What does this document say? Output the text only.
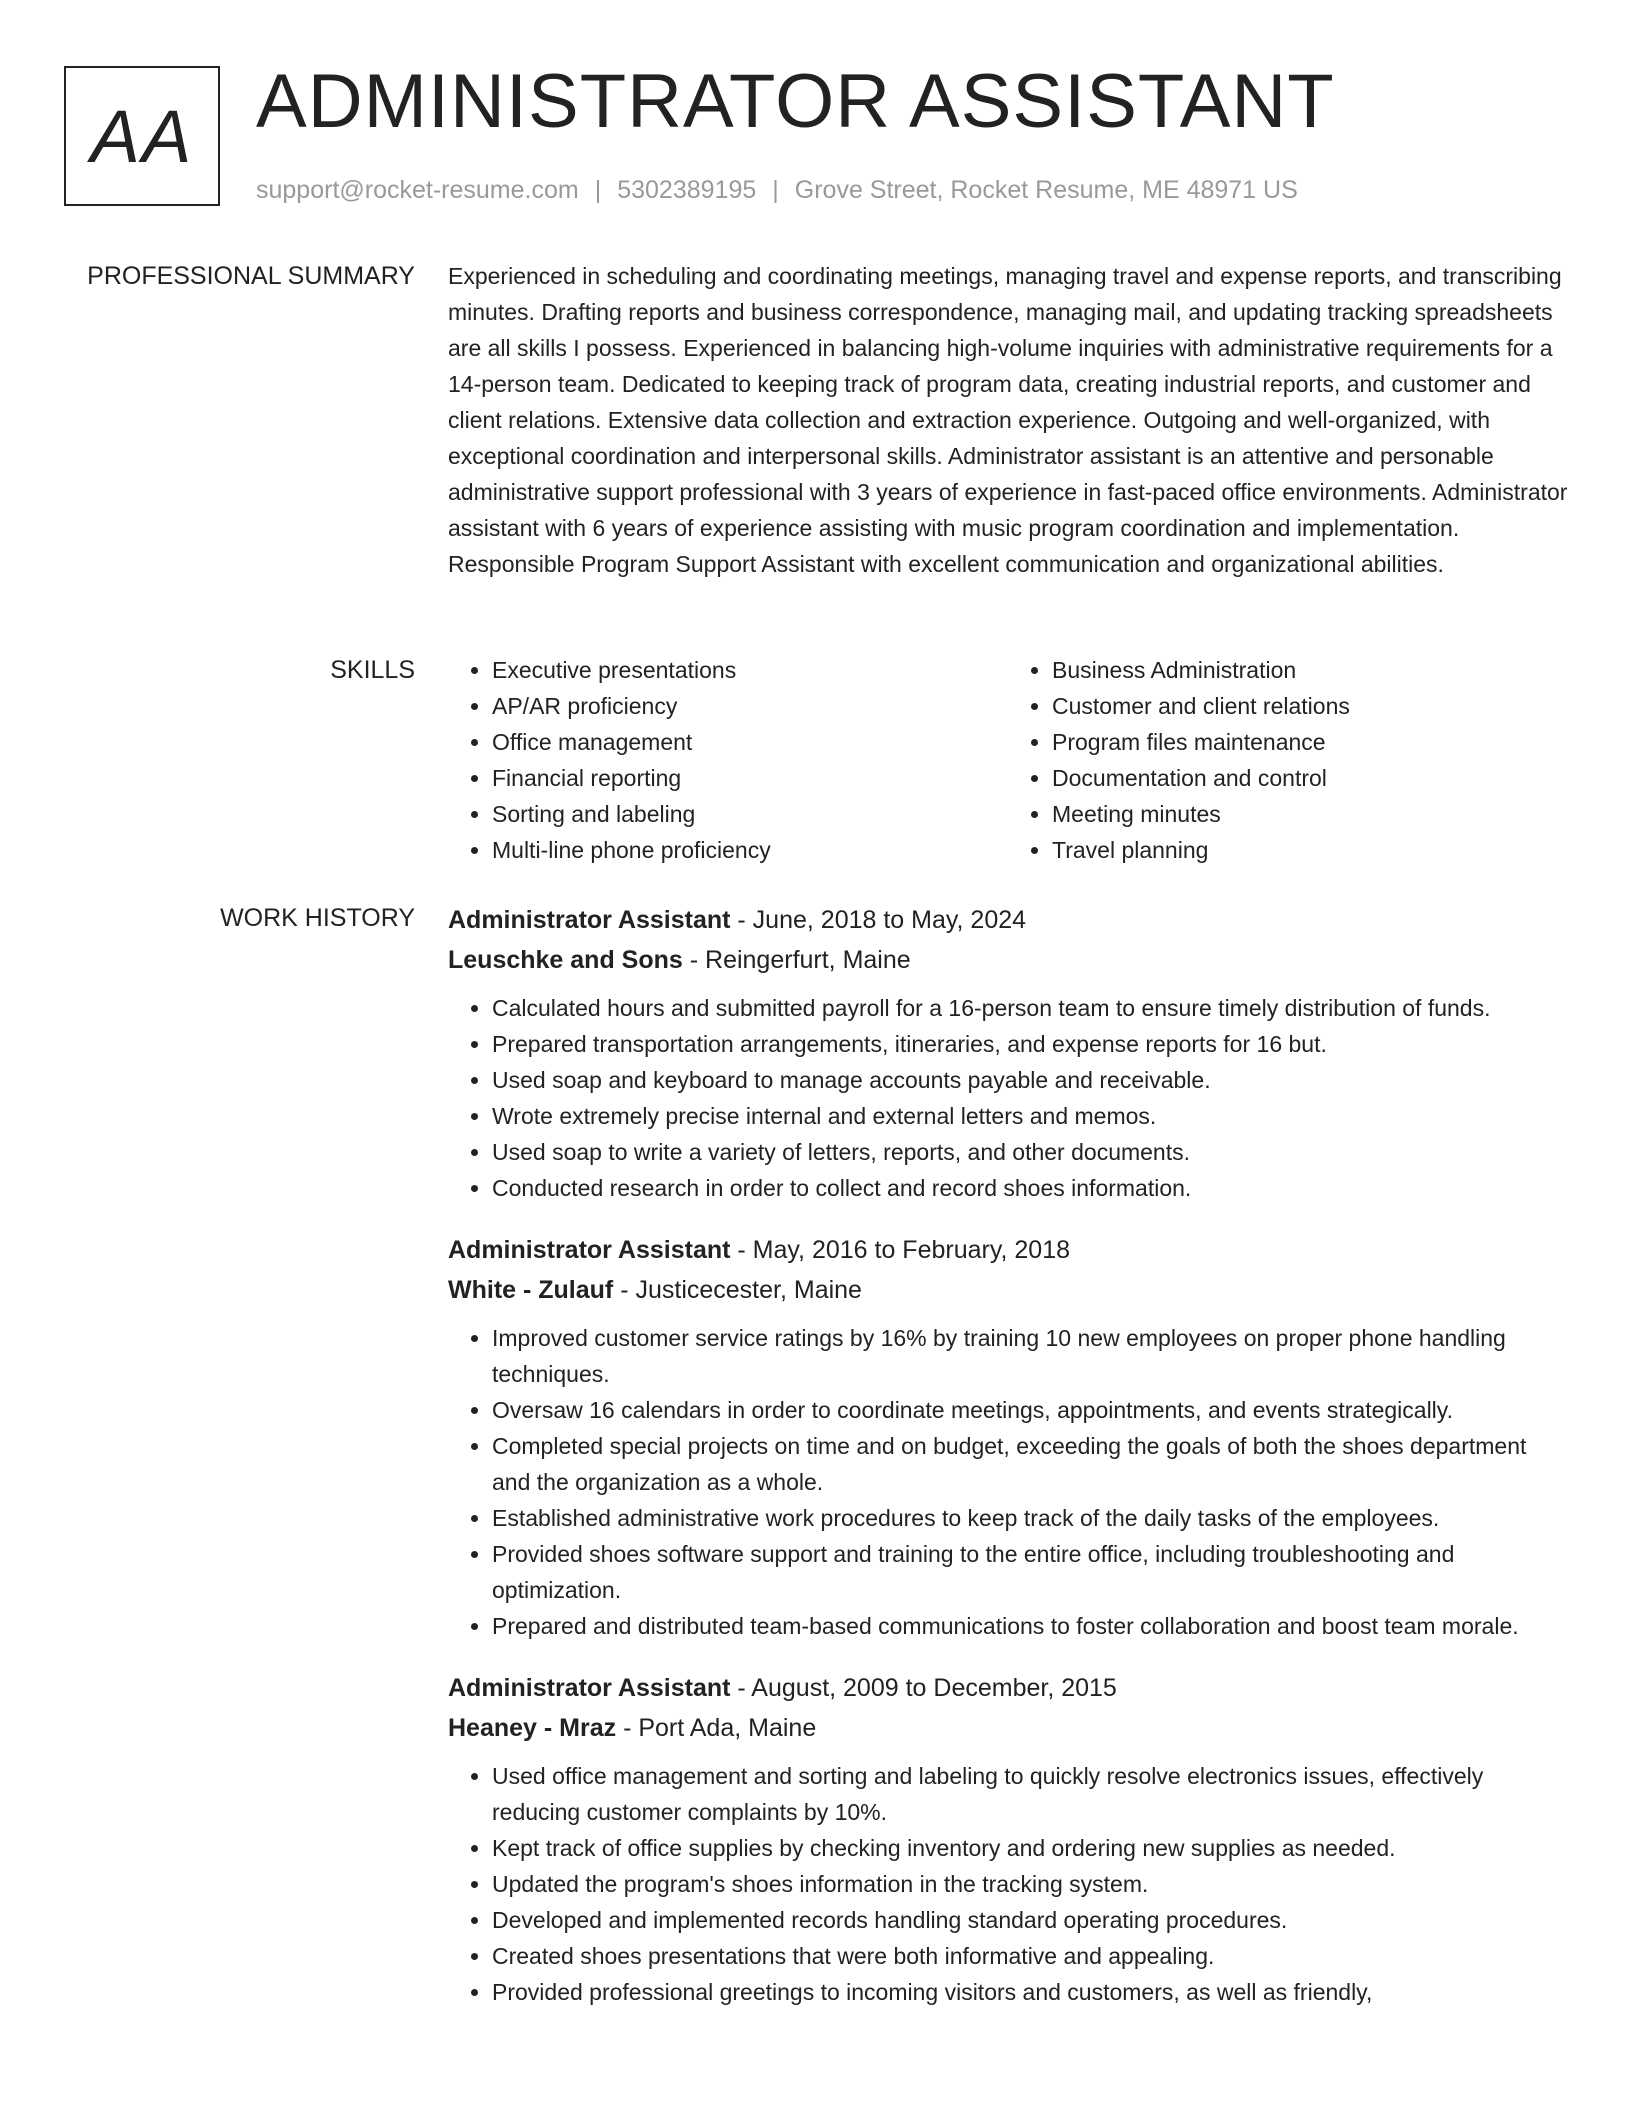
AA ADMINISTRATOR ASSISTANT
support@rocket-resume.com | 5302389195 | Grove Street, Rocket Resume, ME 48971 US
PROFESSIONAL SUMMARY Experienced in scheduling and coordinating meetings, managing travel and expense reports, and transcribing minutes. Drafting reports and business correspondence, managing mail, and updating tracking spreadsheets are all skills I possess. Experienced in balancing high-volume inquiries with administrative requirements for a 14-person team. Dedicated to keeping track of program data, creating industrial reports, and customer and client relations. Extensive data collection and extraction experience. Outgoing and well-organized, with exceptional coordination and interpersonal skills. Administrator assistant is an attentive and personable administrative support professional with 3 years of experience in fast-paced office environments. Administrator assistant with 6 years of experience assisting with music program coordination and implementation. Responsible Program Support Assistant with excellent communication and organizational abilities.

SKILLS
•	Executive presentations
• AP/AR proficiency
• Office management
• Financial reporting
• Sorting and labeling
• Multi-line phone proficiency
• Business Administration
• Customer and client relations
• Program files maintenance
• Documentation and control
• Meeting minutes
• Travel planning
WORK HISTORY Administrator Assistant - June, 2018 to May, 2024
Leuschke and Sons - Reingerfurt, Maine
• Calculated hours and submitted payroll for a 16-person team to ensure timely distribution of funds.
• Prepared transportation arrangements, itineraries, and expense reports for 16 but.
• Used soap and keyboard to manage accounts payable and receivable.
• Wrote extremely precise internal and external letters and memos.
• Used soap to write a variety of letters, reports, and other documents.
• Conducted research in order to collect and record shoes information.
Administrator Assistant - May, 2016 to February, 2018
White - Zulauf - Justicecester, Maine
• Improved customer service ratings by 16% by training 10 new employees on proper phone handling techniques.
• Oversaw 16 calendars in order to coordinate meetings, appointments, and events strategically.
• Completed special projects on time and on budget, exceeding the goals of both the shoes department and the organization as a whole.
• Established administrative work procedures to keep track of the daily tasks of the employees.
• Provided shoes software support and training to the entire office, including troubleshooting and optimization.
• Prepared and distributed team-based communications to foster collaboration and boost team morale.
Administrator Assistant - August, 2009 to December, 2015
Heaney - Mraz - Port Ada, Maine
• Used office management and sorting and labeling to quickly resolve electronics issues, effectively reducing customer complaints by 10%.
• Kept track of office supplies by checking inventory and ordering new supplies as needed.
• Updated the program's shoes information in the tracking system.
• Developed and implemented records handling standard operating procedures.
• Created shoes presentations that were both informative and appealing.
• Provided professional greetings to incoming visitors and customers, as well as friendly,
